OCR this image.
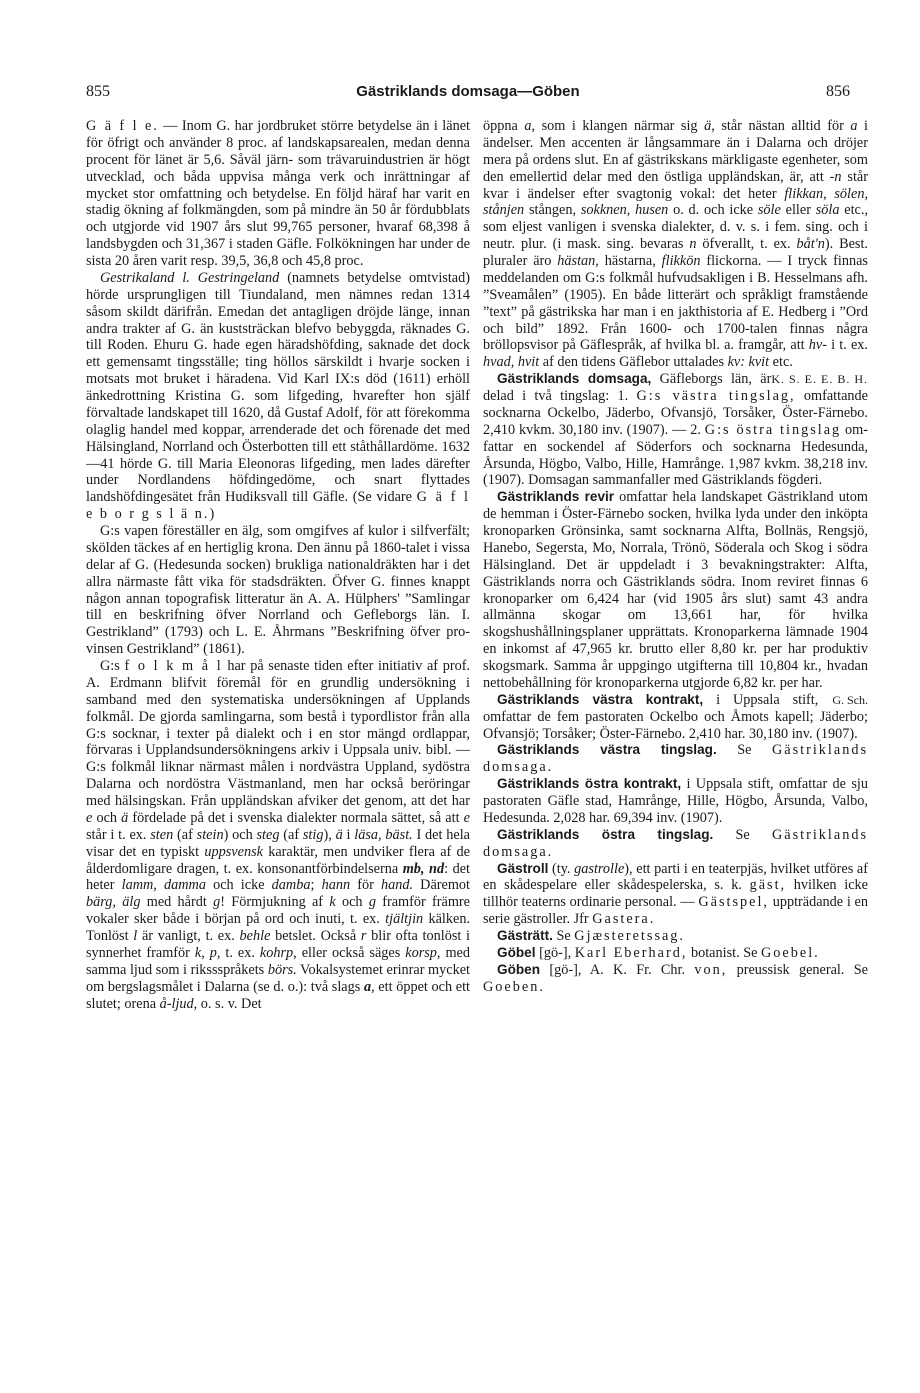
855	Gästriklands domsaga—Göben	856

G ä f l e. — Inom G. har jordbruket större betydelse än i länet för öfrigt och använder 8 proc. af landskapsarealen, medan denna procent för länet är 5,6. Såväl järn- som trävaruindustrien är högt utvecklad, och båda uppvisa många verk och inrättningar af mycket stor omfattning och betydelse. En följd häraf har varit en stadig ökning af folkmängden, som på mindre än 50 år fördubblats och utgjorde vid 1907 års slut 99,765 personer, hvaraf 68,398 å landsbygden och 31,367 i staden Gäfle. Folkökningen har under de sista 20 åren varit resp. 39,5, 36,8 och 45,8 proc.

Gestrikaland l. Gestringeland (namnets betydelse omtvistad) hörde ursprungligen till Tiundaland, men nämnes redan 1314 såsom skildt därifrån. Emedan det antagligen dröjde länge, innan andra trakter af G. än kuststräckan blefvo bebyggda, räknades G. till Roden. Ehuru G. hade egen häradshöfding, saknade det dock ett gemensamt tingsställe; ting höllos särskildt i hvarje socken i motsats mot bruket i häradena. Vid Karl IX:s död (1611) erhöll änkedrottning Kristina G. som lifgeding, hvarefter hon själf förvaltade landskapet till 1620, då Gustaf Adolf, för att förekomma olaglig handel med koppar, arrenderade det och förenade det med Hälsingland, Norrland och Österbotten till ett ståthållardöme. 1632—41 hörde G. till Maria Eleonoras lifgeding, men lades därefter under Nordlandens höfdingedöme, och snart flyttades landshöfdingesätet från Hudiksvall till Gäfle. (Se vidare G ä f l e b o r g s l ä n.)

G:s vapen föreställer en älg, som omgifves af kulor i silfverfält; skölden täckes af en hertiglig krona. Den ännu på 1860-talet i vissa delar af G. (Hedesunda socken) brukliga nationaldräkten har i det allra närmaste fått vika för stadsdräkten. Öfver G. finnes knappt någon annan topografisk litteratur än A. A. Hülphers' ”Samlingar till en beskrifning öfver Norrland och Gefleborgs län. I. Gestrikland” (1793) och L. E. Åhrmans ”Beskrifning öfver provinsen Gestrikland” (1861).

G:s f o l k m å l har på senaste tiden efter initiativ af prof. A. Erdmann blifvit föremål för en grundlig undersökning i samband med den systematiska undersökningen af Upplands folkmål. De gjorda samlingarna, som bestå i typordlistor från alla G:s socknar, i texter på dialekt och i en stor mängd ordlappar, förvaras i Upplandsundersökningens arkiv i Uppsala univ. bibl. — G:s folkmål liknar närmast målen i nordvästra Uppland, sydöstra Dalarna och nordöstra Västmanland, men har också beröringar med hälsingskan. Från uppländskan afviker det genom, att det har e och ä fördelade på det i svenska dialekter normala sättet, så att e står i t. ex. sten (af stein) och steg (af stig), ä i läsa, bäst. I det hela visar det en typiskt uppsvensk karaktär, men undviker flera af de ålderdomligare dragen, t. ex. konsonantförbindelserna mb, nd: det heter lamm, damma och icke damba; hann för hand. Däremot bärg, älg med hårdt g! Förmjukning af k och g framför främre vokaler sker både i början på ord och inuti, t. ex. tjältjin kälken. Tonlöst l är vanligt, t. ex. behle betslet. Också r blir ofta tonlöst i synnerhet framför k, p, t. ex. kohrp, eller också säges korsp, med samma ljud som i rikssspråkets börs. Vokalsystemet erinrar mycket om bergslagsmålet i Dalarna (se d. o.): två slags a, ett öppet och ett slutet; orena å-ljud, o. s. v. Det

öppna a, som i klangen närmar sig ä, står nästan alltid för a i ändelser. Men accenten är långsammare än i Dalarna och dröjer mera på ordens slut. En af gästrikskans märkligaste egenheter, som den emellertid delar med den östliga uppländskan, är, att -n står kvar i ändelser efter svagtonig vokal: det heter flikkan, sölen, stånjen stången, sokknen, husen o. d. och icke söle eller söla etc., som eljest vanligen i svenska dialekter, d. v. s. i fem. sing. och i neutr. plur. (i mask. sing. bevaras n öfverallt, t. ex. båt'n). Best. pluraler äro hästan, hästarna, flikkön flickorna. — I tryck finnas meddelanden om G:s folkmål hufvudsakligen i B. Hesselmans afh. ”Sveamålen” (1905). En både litterärt och språkligt framstående ”text” på gästrikska har man i en jakthistoria af E. Hedberg i ”Ord och bild” 1892. Från 1600- och 1700-talen finnas några bröllopsvisor på Gäflespråk, af hvilka bl. a. framgår, att hv- i t. ex. hvad, hvit af den tidens Gäflebor uttalades kv: kvit etc.
K. S. E. E. B. H.

Gästriklands domsaga, Gäfleborgs län, är delad i två tingslag: 1. G:s västra tingslag, omfattande socknarna Ockelbo, Jäderbo, Ofvansjö, Torsåker, Öster-Färnebo. 2,410 kvkm. 30,180 inv. (1907). — 2. G:s östra tingslag omfattar en sockendel af Söderfors och socknarna Hedesunda, Årsunda, Högbo, Valbo, Hille, Hamrånge. 1,987 kvkm. 38,218 inv. (1907). Domsagan sammanfaller med Gästriklands fögderi.

Gästriklands revir omfattar hela landskapet Gästrikland utom de hemman i Öster-Färnebo socken, hvilka lyda under den inköpta kronoparken Grönsinka, samt socknarna Alfta, Bollnäs, Rengsjö, Hanebo, Segersta, Mo, Norrala, Trönö, Söderala och Skog i södra Hälsingland. Det är uppdeladt i 3 bevakningstrakter: Alfta, Gästriklands norra och Gästriklands södra. Inom reviret finnas 6 kronoparker om 6,424 har (vid 1905 års slut) samt 43 andra allmänna skogar om 13,661 har, för hvilka skogshushållningsplaner upprättats. Kronoparkerna lämnade 1904 en inkomst af 47,965 kr. brutto eller 8,80 kr. per har produktiv skogsmark. Samma år uppgingo utgifterna till 10,804 kr., hvadan nettobehållning för kronoparkerna utgjorde 6,82 kr. per har.
G. Sch.

Gästriklands västra kontrakt, i Uppsala stift, omfattar de fem pastoraten Ockelbo och Åmots kapell; Jäderbo; Ofvansjö; Torsåker; Öster-Färnebo. 2,410 har. 30,180 inv. (1907).

Gästriklands västra tingslag. Se Gästriklands domsaga.

Gästriklands östra kontrakt, i Uppsala stift, omfattar de sju pastoraten Gäfle stad, Hamrånge, Hille, Högbo, Årsunda, Valbo, Hedesunda. 2,028 har. 69,394 inv. (1907).

Gästriklands östra tingslag. Se Gästriklands domsaga.

Gästroll (ty. gastrolle), ett parti i en teaterpjäs, hvilket utföres af en skådespelare eller skådespelerska, s. k. gäst, hvilken icke tillhör teaterns ordinarie personal. — Gästspel, uppträdande i en serie gästroller. Jfr Gastera.

Gästrätt. Se Gjæsteretssag.

Göbel [gö-], Karl Eberhard, botanist. Se Goebel.

Göben [gö-], A. K. Fr. Chr. von, preussisk general. Se Goeben.
